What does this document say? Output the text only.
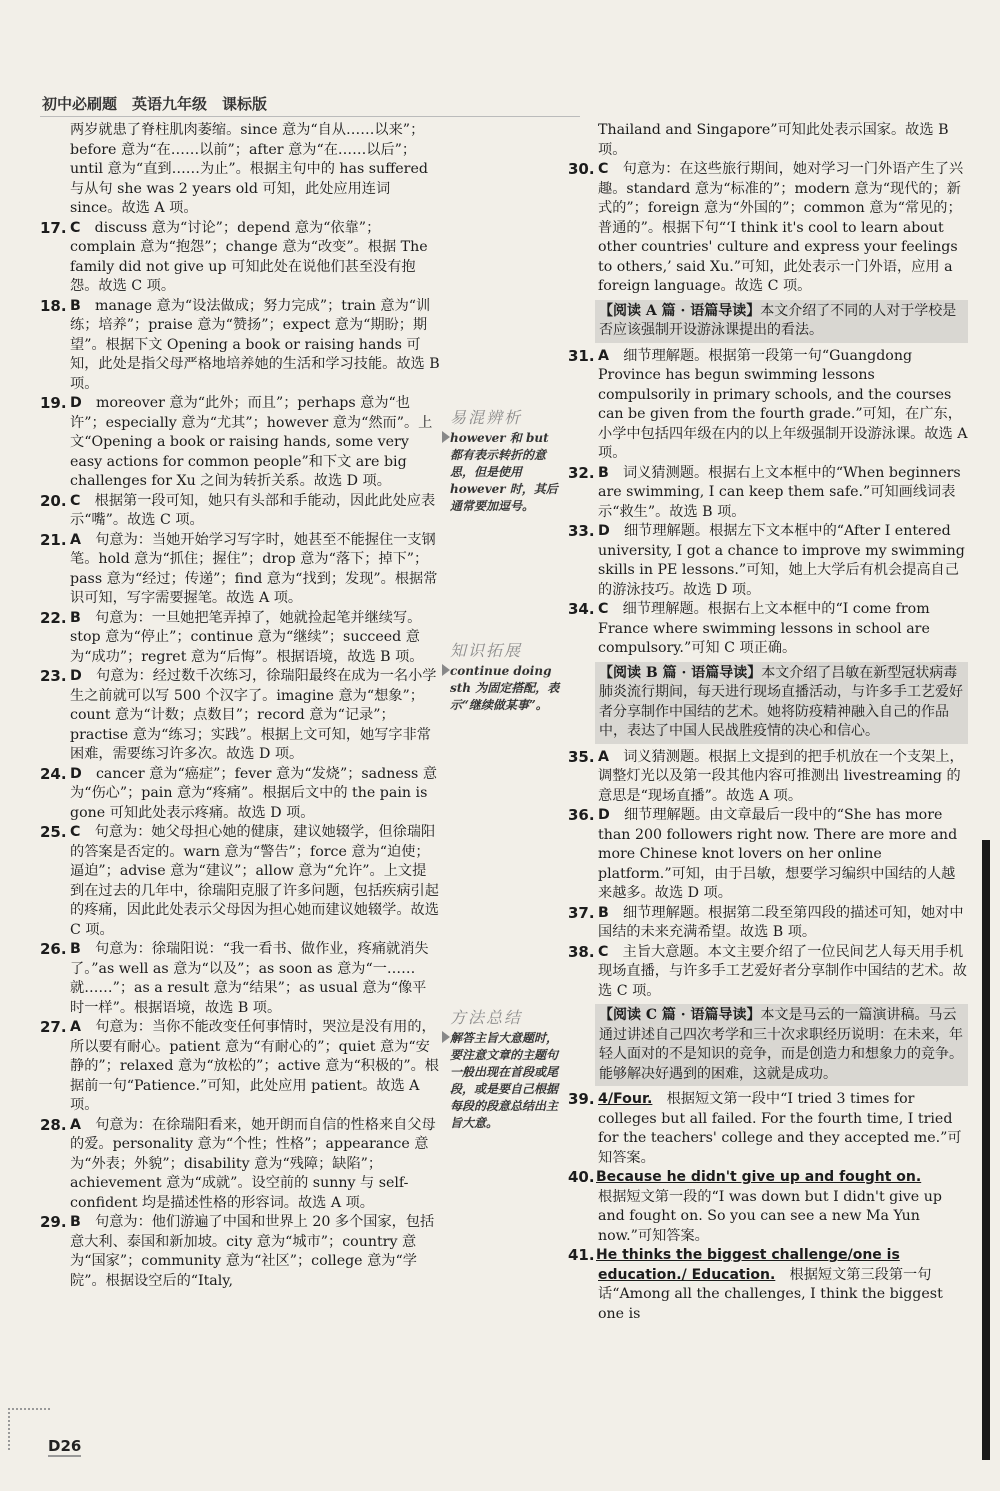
初中必刷题　英语九年级　课标版

两岁就患了脊柱肌肉萎缩。since 意为“自从……以来”；before 意为“在……以前”；after 意为“在……以后”；until 意为“直到……为止”。根据主句中的 has suffered 与从句 she was 2 years old 可知，此处应用连词 since。故选 A 项。

17. C　 discuss 意为“讨论”；depend 意为“依靠”；complain 意为“抱怨”；change 意为“改变”。根据 The family did not give up 可知此处在说他们甚至没有抱怨。故选 C 项。
18. B　 manage 意为“设法做成；努力完成”；train 意为“训练；培养”；praise 意为“赞扬”；expect 意为“期盼；期望”。根据下文 Opening a book or raising hands 可知，此处是指父母严格地培养她的生活和学习技能。故选 B 项。
19. D　 moreover 意为“此外；而且”；perhaps 意为“也许”；especially 意为“尤其”；however 意为“然而”。上文“Opening a book or raising hands, some very easy actions for common people”和下文 are big challenges for Xu 之间为转折关系。故选 D 项。
20. C　 根据第一段可知，她只有头部和手能动，因此此处应表示“嘴”。故选 C 项。
21. A　 句意为：当她开始学习写字时，她甚至不能握住一支钢笔。hold 意为“抓住；握住”；drop 意为“落下；掉下”；pass 意为“经过；传递”；find 意为“找到；发现”。根据常识可知，写字需要握笔。故选 A 项。
22. B　 句意为：一旦她把笔弄掉了，她就捡起笔并继续写。stop 意为“停止”；continue 意为“继续”；succeed 意为“成功”；regret 意为“后悔”。根据语境，故选 B 项。
23. D　 句意为：经过数千次练习，徐瑞阳最终在成为一名小学生之前就可以写 500 个汉字了。imagine 意为“想象”；count 意为“计数；点数目”；record 意为“记录”；practise 意为“练习；实践”。根据上文可知，她写字非常困难，需要练习许多次。故选 D 项。
24. D　 cancer 意为“癌症”；fever 意为“发烧”；sadness 意为“伤心”；pain 意为“疼痛”。根据后文中的 the pain is gone 可知此处表示疼痛。故选 D 项。
25. C　 句意为：她父母担心她的健康，建议她辍学，但徐瑞阳的答案是否定的。warn 意为“警告”；force 意为“迫使；逼迫”；advise 意为“建议”；allow 意为“允许”。上文提到在过去的几年中，徐瑞阳克服了许多问题，包括疾病引起的疼痛，因此此处表示父母因为担心她而建议她辍学。故选 C 项。
26. B　 句意为：徐瑞阳说：“我一看书、做作业，疼痛就消失了。”as well as 意为“以及”；as soon as 意为“一……就……”；as a result 意为“结果”；as usual 意为“像平时一样”。根据语境，故选 B 项。
27. A　 句意为：当你不能改变任何事情时，哭泣是没有用的，所以要有耐心。patient 意为“有耐心的”；quiet 意为“安静的”；relaxed 意为“放松的”；active 意为“积极的”。根据前一句“Patience.”可知，此处应用 patient。故选 A 项。
28. A　 句意为：在徐瑞阳看来，她开朗而自信的性格来自父母的爱。personality 意为“个性；性格”；appearance 意为“外表；外貌”；disability 意为“残障；缺陷”；achievement 意为“成就”。设空前的 sunny 与 self-confident 均是描述性格的形容词。故选 A 项。
29. B　 句意为：他们游遍了中国和世界上 20 多个国家，包括意大利、泰国和新加坡。city 意为“城市”；country 意为“国家”；community 意为“社区”；college 意为“学院”。根据设空后的“Italy,
易混辨析
however 和 but 都有表示转折的意思，但是使用 however 时，其后通常要加逗号。
知识拓展
continue doing sth 为固定搭配，表示“继续做某事”。
方法总结
解答主旨大意题时，要注意文章的主题句一般出现在首段或尾段，或是要自己根据每段的段意总结出主旨大意。

Thailand and Singapore”可知此处表示国家。故选 B 项。

30. C　 句意为：在这些旅行期间，她对学习一门外语产生了兴趣。standard 意为“标准的”；modern 意为“现代的；新式的”；foreign 意为“外国的”；common 意为“常见的；普通的”。根据下句“‘I think it's cool to learn about other countries' culture and express your feelings to others,’ said Xu.”可知，此处表示一门外语，应用 a foreign language。故选 C 项。
【阅读 A 篇 · 语篇导读】本文介绍了不同的人对于学校是否应该强制开设游泳课提出的看法。
31. A　 细节理解题。根据第一段第一句“Guangdong Province has begun swimming lessons compulsorily in primary schools, and the courses can be given from the fourth grade.”可知，在广东，小学中包括四年级在内的以上年级强制开设游泳课。故选 A 项。
32. B　 词义猜测题。根据右上文本框中的“When beginners are swimming, I can keep them safe.”可知画线词表示“救生”。故选 B 项。
33. D　 细节理解题。根据左下文本框中的“After I entered university, I got a chance to improve my swimming skills in PE lessons.”可知，她上大学后有机会提高自己的游泳技巧。故选 D 项。
34. C　 细节理解题。根据右上文本框中的“I come from France where swimming lessons in school are compulsory.”可知 C 项正确。
【阅读 B 篇 · 语篇导读】本文介绍了吕敏在新型冠状病毒肺炎流行期间，每天进行现场直播活动，与许多手工艺爱好者分享制作中国结的艺术。她将防疫精神融入自己的作品中，表达了中国人民战胜疫情的决心和信心。
35. A　 词义猜测题。根据上文提到的把手机放在一个支架上，调整灯光以及第一段其他内容可推测出 livestreaming 的意思是“现场直播”。故选 A 项。
36. D　 细节理解题。由文章最后一段中的“She has more than 200 followers right now. There are more and more Chinese knot lovers on her online platform.”可知，由于吕敏，想要学习编织中国结的人越来越多。故选 D 项。
37. B　 细节理解题。根据第二段至第四段的描述可知，她对中国结的未来充满希望。故选 B 项。
38. C　 主旨大意题。本文主要介绍了一位民间艺人每天用手机现场直播，与许多手工艺爱好者分享制作中国结的艺术。故选 C 项。
【阅读 C 篇 · 语篇导读】本文是马云的一篇演讲稿。马云通过讲述自己四次考学和三十次求职经历说明：在未来，年轻人面对的不是知识的竞争，而是创造力和想象力的竞争。能够解决好遇到的困难，这就是成功。
39. 4/Four.　 根据短文第一段中“I tried 3 times for colleges but all failed. For the fourth time, I tried for the teachers' college and they accepted me.”可知答案。
40. Because he didn't give up and fought on.

根据短文第一段的“I was down but I didn't give up and fought on. So you can see a new Ma Yun now.”可知答案。
41. He thinks the biggest challenge/one is education./ Education.　 根据短文第三段第一句话“Among all the challenges, I think the biggest one is
D26
